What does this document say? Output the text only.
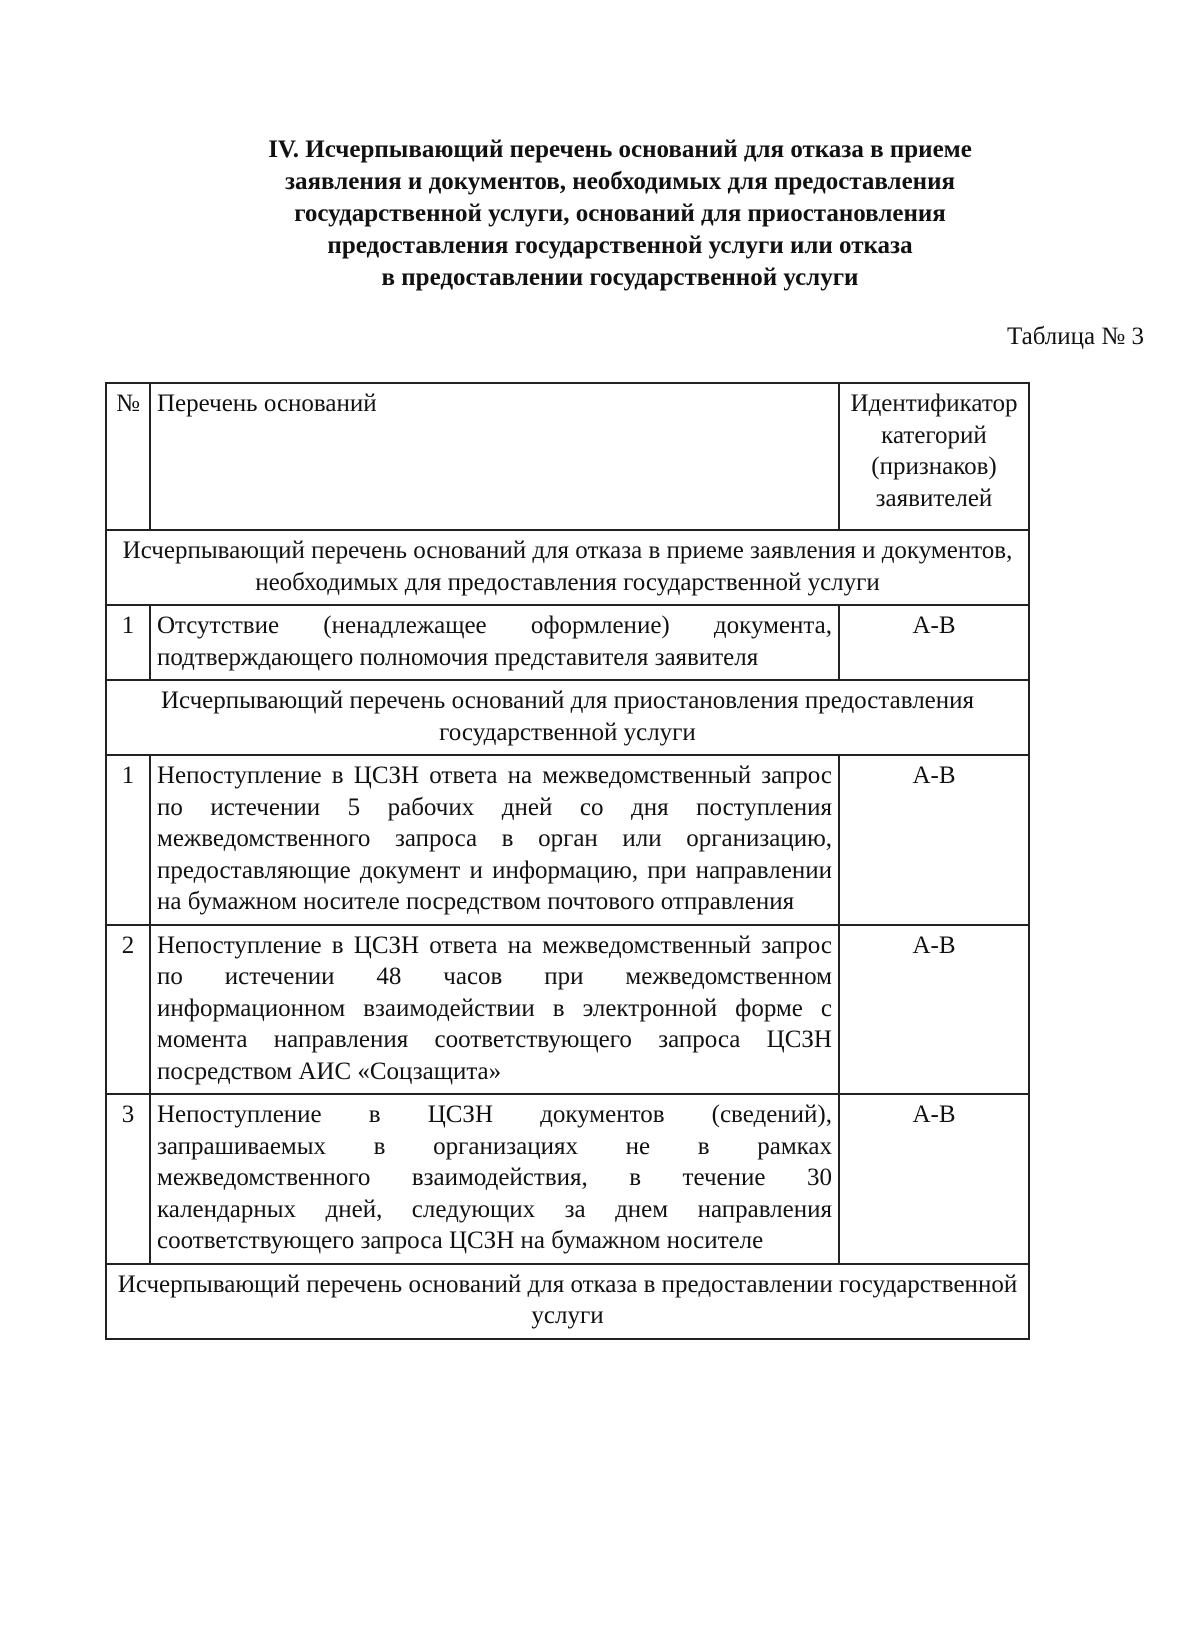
IV. Исчерпывающий перечень оснований для отказа в приеме
заявления и документов, необходимых для предоставления
государственной услуги, оснований для приостановления
предоставления государственной услуги или отказа
в предоставлении государственной услуги
Таблица № 3
№	Перечень оснований	Идентификатор категорий (признаков) заявителей
Исчерпывающий перечень оснований для отказа в приеме заявления и документов, необходимых для предоставления государственной услуги		
1	Отсутствие (ненадлежащее оформление) документа, подтверждающего полномочия представителя заявителя	А-В
Исчерпывающий перечень оснований для приостановления предоставления государственной услуги		
1	Непоступление в ЦСЗН ответа на межведомственный запрос по истечении 5 рабочих дней со дня поступления межведомственного запроса в орган или организацию, предоставляющие документ и информацию, при направлении на бумажном носителе посредством почтового отправления	А-В
2	Непоступление в ЦСЗН ответа на межведомственный запрос по истечении 48 часов при межведомственном информационном взаимодействии в электронной форме с момента направления соответствующего запроса ЦСЗН посредством АИС «Соцзащита»	А-В
3	Непоступление в ЦСЗН документов (сведений), запрашиваемых в организациях не в рамках межведомственного взаимодействия, в течение 30 календарных дней, следующих за днем направления соответствующего запроса ЦСЗН на бумажном носителе	А-В
Исчерпывающий перечень оснований для отказа в предоставлении государственной услуги		
